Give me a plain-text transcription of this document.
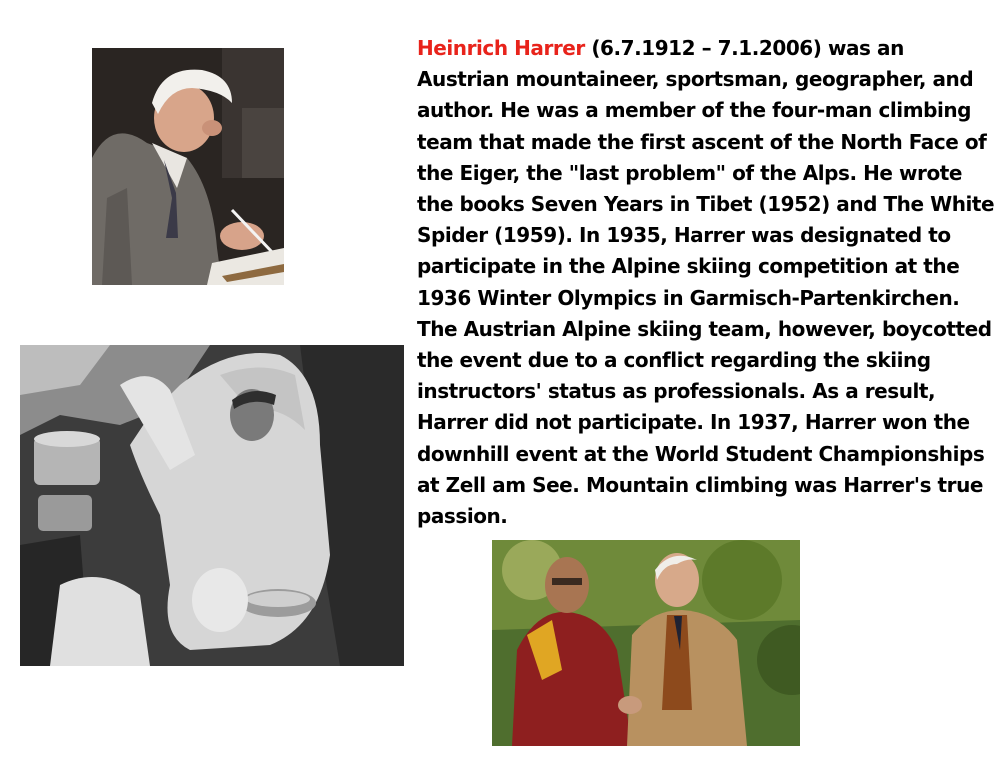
Heinrich Harrer (6.7.1912 – 7.1.2006) was an Austrian mountaineer, sportsman, geographer, and author. He was a member of the four-man climbing team that made the first ascent of the North Face of the Eiger, the "last problem" of the Alps. He wrote the books Seven Years in Tibet (1952) and The White Spider (1959). In 1935, Harrer was designated to participate in the Alpine skiing competition at the 1936 Winter Olympics in Garmisch-Partenkirchen. The Austrian Alpine skiing team, however, boycotted the event due to a conflict regarding the skiing instructors' status as professionals. As a result, Harrer did not participate. In 1937, Harrer won the downhill event at the World Student Championships at Zell am See. Mountain climbing was Harrer's true passion.
